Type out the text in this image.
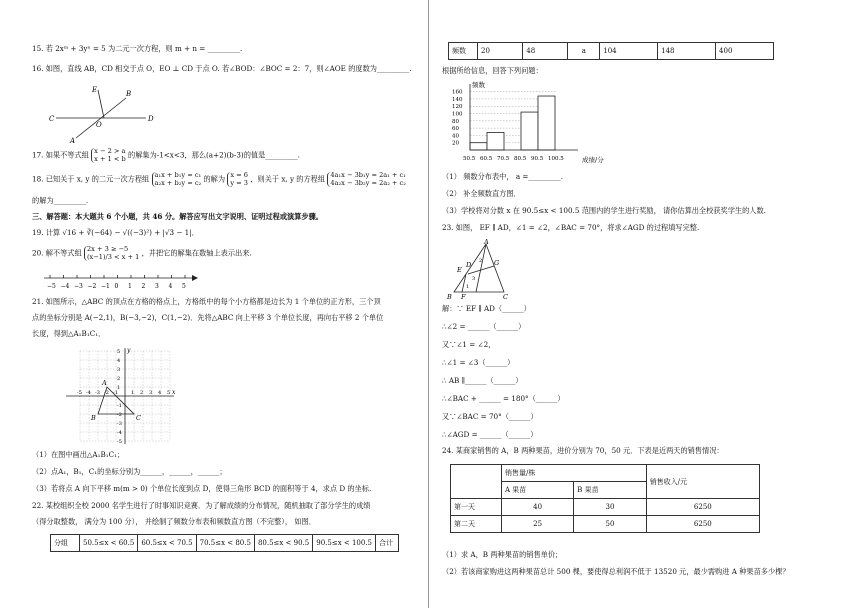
15. 若 2xᵐ + 3yⁿ = 5 为二元一次方程，则 m + n = _________.
16. 如图，直线 AB，CD 相交于点 O，EO ⊥ CD 于点 O. 若∠BOD：∠BOC = 2：7，则∠AOE 的度数为_________.
E	B
C
O
D
A
17. 如果不等式组 x − 2 > a
x + 1 < b 的解集为-1<x<3，那么(a+2)(b-3)的值是_________.
18. 已知关于 x, y 的二元一次方程组 a₁x + b₁y = c₁
a₂x + b₂y = c₂ 的解为 x = 6
y = 3 ，则关于 x, y 的方程组 4a₁x − 3b₁y = 2a₁ + c₁
4a₂x − 3b₂y = 2a₂ + c₂
的解为_________.
三、解答题：本大题共 6 个小题，共 46 分。解答应写出文字说明、证明过程或演算步骤。
19. 计算 √16 + ∛(−64) − √((−3)²) + |√3 − 1|．
20. 解不等式组 2x + 3 ≥ −5
(x−1)/3 < x + 1 ，并把它的解集在数轴上表示出来.
−5 −4 −3 −2 −1 0 1 2 3 4 5
21. 如图所示，△ABC 的顶点在方格的格点上，方格纸中的每个小方格都是边长为 1 个单位的正方形，三个顶
点的坐标分别是 A(−2,1)，B(−3,−2)，C(1,−2)．先将△ABC 向上平移 3 个单位长度，再向右平移 2 个单位
长度，得到△A₁B₁C₁．
x
y
A
B	C
5
4
3
2
1
-1
-2
-3
-4
-5
-5 -4 -3 -2 -1	1 2 3 4 5
（1）在图中画出△A₁B₁C₁；
（2）点A₁，B₁，C₁的坐标分别为______，______，______；
（3）若将点 A 向下平移 m(m > 0) 个单位长度到点 D，使得三角形 BCD 的面积等于 4，求点 D 的坐标.
22. 某校组织全校 2000 名学生进行了时事知识竞赛．为了解成绩的分布情况，随机抽取了部分学生的成绩
（得分取整数， 满分为 100 分）， 并绘制了频数分布表和频数直方图（不完整）， 如图．
分组	50.5≤x < 60.5	60.5≤x < 70.5	70.5≤x < 80.5	80.5≤x < 90.5	90.5≤x < 100.5	合计
频数	20	48	a	104	148	400
根据所给信息，回答下列问题：
160
140
120
100
80
60
40
20
50.5 60.5 70.5 80.5 90.5 100.5
频数
成绩/分
（1） 频数分布表中， a =_________.
（2） 补全频数直方图．
（3）学校将对分数 x 在 90.5≤x < 100.5 范围内的学生进行奖励， 请你估算出全校获奖学生的人数.
23. 如图， EF ∥ AD，∠1 = ∠2，∠BAC = 70°，将求∠AGD 的过程填写完整.
A
G
E
D
B F	C
1
2
3
解：∵ EF ∥ AD（______）
∴∠2 = ______（______）
又∵∠1 = ∠2，
∴∠1 = ∠3（______）
∴ AB ∥______（______）
∴∠BAC + ______ = 180°（______）
又∵∠BAC = 70°（______）
∴∠AGD = ______（______）
24. 某商家销售的 A，B 两种果苗，进价分别为 70，50 元．下表是近两天的销售情况：
	销售量/株		销售收入/元
	A 果苗	B 果苗	
第一天	40	30	6250
第二天	25	50	6250
（1）求 A，B 两种果苗的销售单价；
（2）若该商家购进这两种果苗总计 500 棵，要使得总利润不低于 13520 元，最少需购进 A 种果苗多少棵？
